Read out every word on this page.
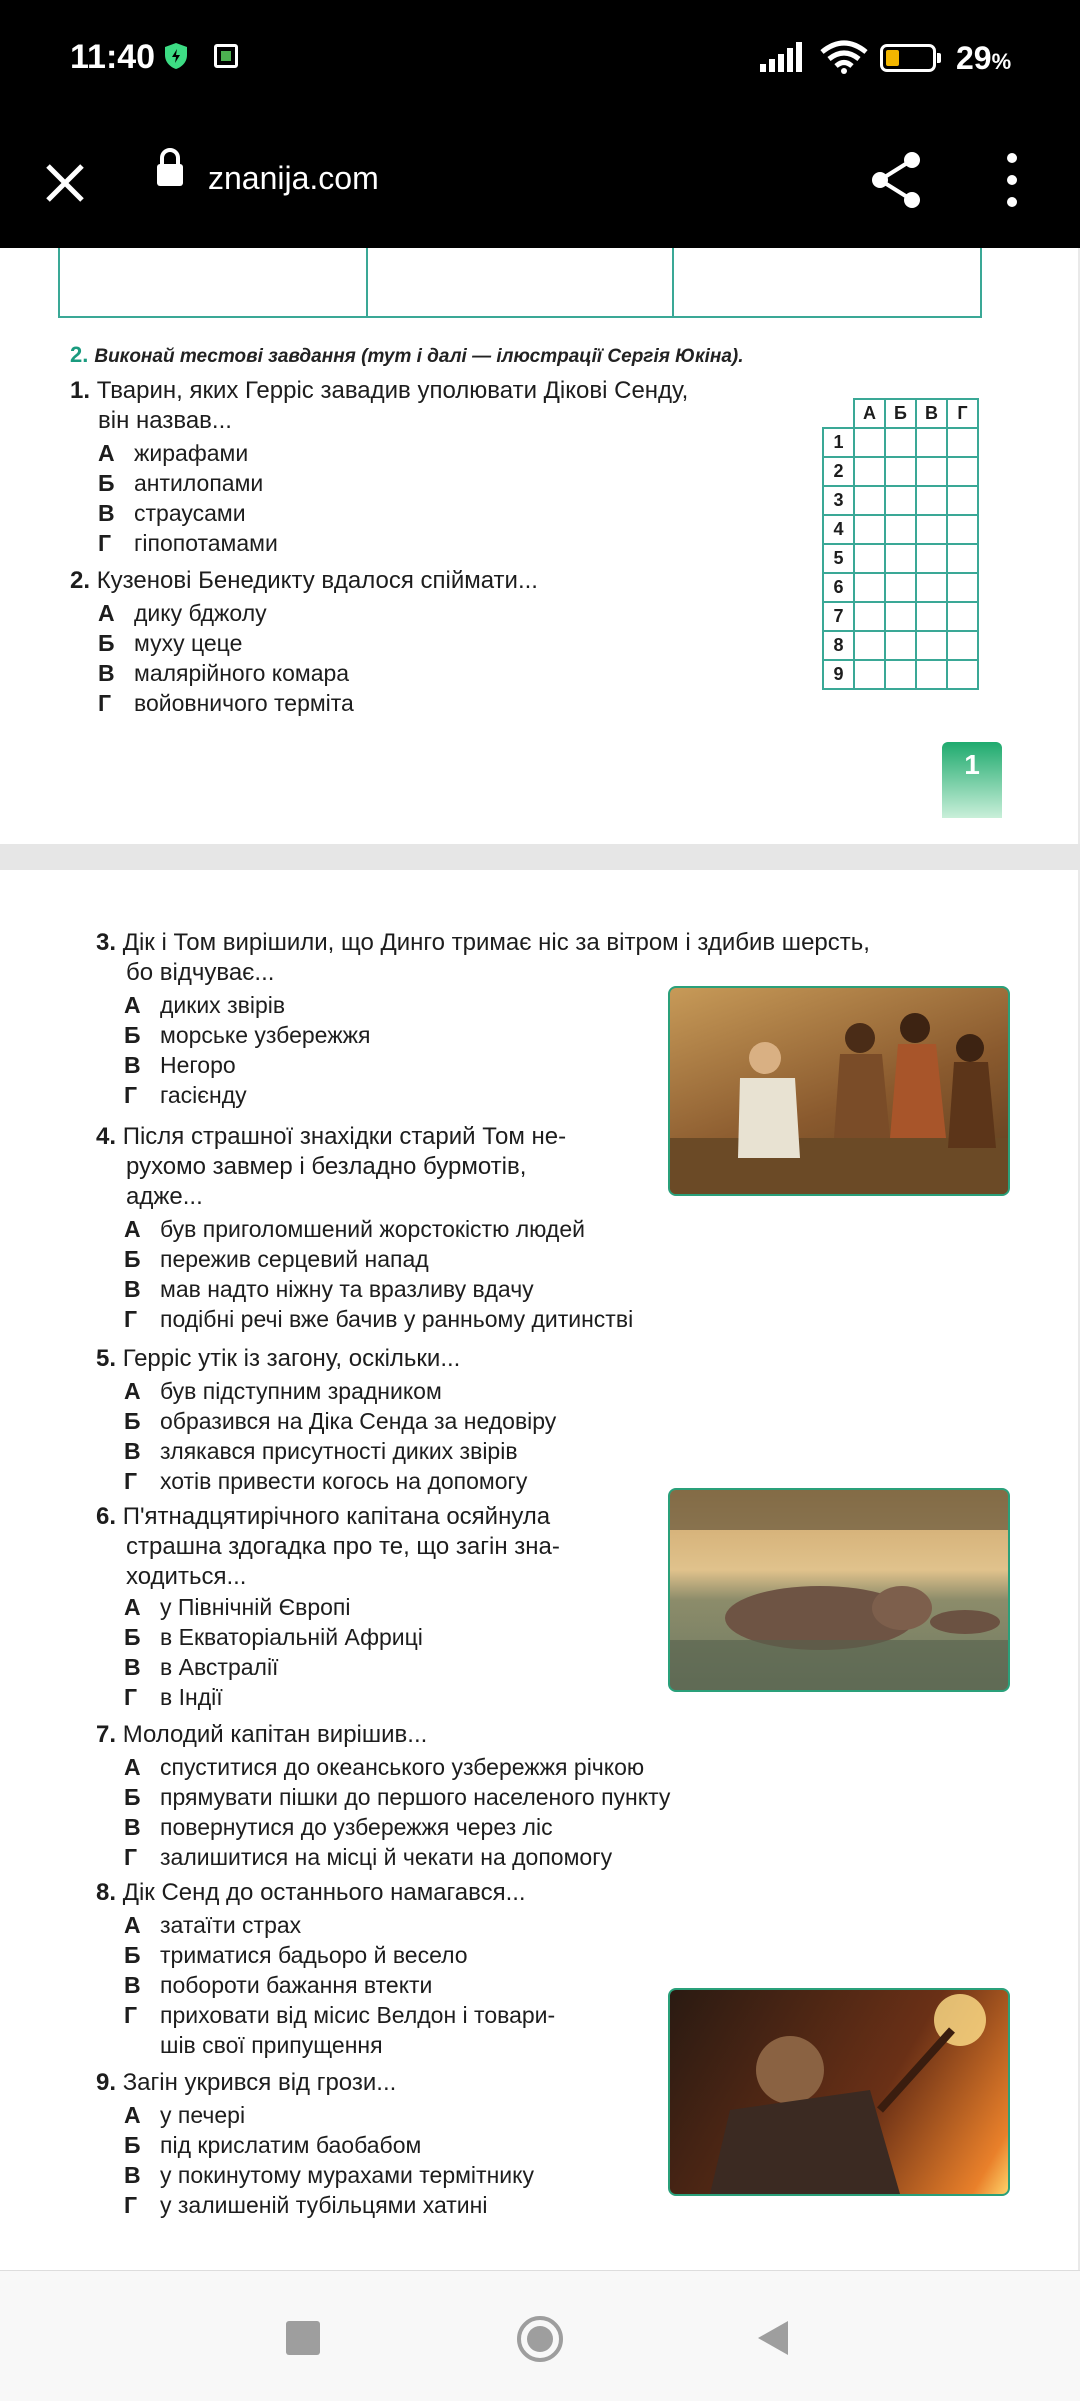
11:40	29%
znanija.com
2. Виконай тестові завдання (тут і далі — ілюстрації Сергія Юкіна).
1. Тварин, яких Герріс завадив уполювати Дікові Сенду,
він назвав...
А жирафами
Б антилопами
В страусами
Г гіпопотамами
2. Кузенові Бенедикту вдалося спіймати...
А дику бджолу
Б муху цеце
В малярійного комара
Г войовничого терміта
	А	Б	В	Г
1				
2				
3				
4				
5				
6				
7				
8				
9				
1
3. Дік і Том вирішили, що Динго тримає ніс за вітром і здибив шерсть,
бо відчуває...
А диких звірів
Б морське узбережжя
В Негоро
Г гасієнду
4. Після страшної знахідки старий Том не-
рухомо завмер і безладно бурмотів,
адже...
А був приголомшений жорстокістю людей
Б пережив серцевий напад
В мав надто ніжну та вразливу вдачу
Г подібні речі вже бачив у ранньому дитинстві
5. Герріс утік із загону, оскільки...
А був підступним зрадником
Б образився на Діка Сенда за недовіру
В злякався присутності диких звірів
Г хотів привести когось на допомогу
6. П'ятнадцятирічного капітана осяйнула
страшна здогадка про те, що загін зна-
ходиться...
А у Північній Європі
Б в Екваторіальній Африці
В в Австралії
Г в Індії
7. Молодий капітан вирішив...
А спуститися до океанського узбережжя річкою
Б прямувати пішки до першого населеного пункту
В повернутися до узбережжя через ліс
Г залишитися на місці й чекати на допомогу
8. Дік Сенд до останнього намагався...
А затаїти страх
Б триматися бадьоро й весело
В побороти бажання втекти
Г приховати від місис Велдон і товари-
шів свої припущення
9. Загін укрився від грози...
А у печері
Б під крислатим баобабом
В у покинутому мурахами термітнику
Г у залишеній тубільцями хатині
